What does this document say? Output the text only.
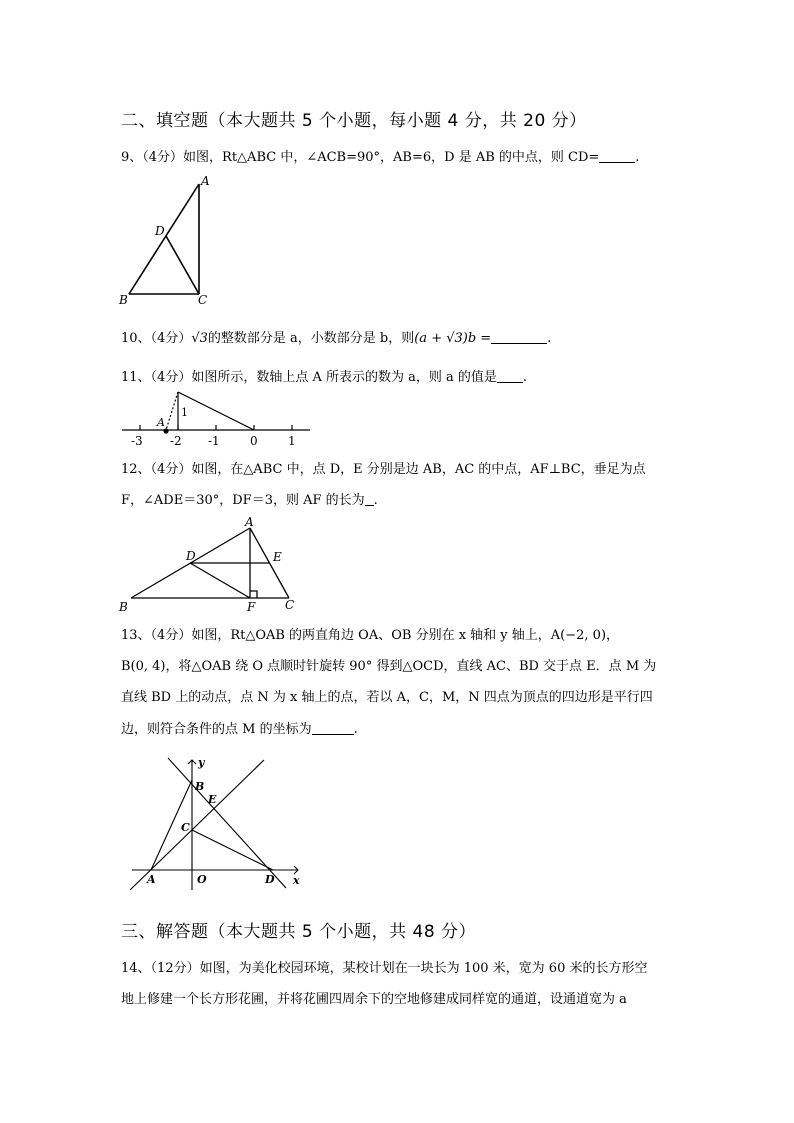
二、填空题（本大题共 5 个小题，每小题 4 分，共 20 分）
9、（4分）如图，Rt△ABC 中，∠ACB=90°，AB=6，D 是 AB 的中点，则 CD=	.
A
D
B	C
10、（4分）√3的整数部分是 a，小数部分是 b，则(a + √3)b =	.
11、（4分）如图所示，数轴上点 A 所表示的数为 a，则 a 的值是 .
A
1
-3 -2 -1	0	1
12、（4分）如图，在△ABC 中，点 D，E 分别是边 AB，AC 的中点，AF⊥BC，垂足为点
F，∠ADE＝30°，DF＝3，则 AF 的长为 .
A
D	E
B	F C
13、（4分）如图，Rt△OAB 的两直角边 OA、OB 分别在 x 轴和 y 轴上，A(−2, 0)，
B(0, 4)，将△OAB 绕 O 点顺时针旋转 90° 得到△OCD，直线 AC、BD 交于点 E．点 M 为
直线 BD 上的动点，点 N 为 x 轴上的点，若以 A，C，M，N 四点为顶点的四边形是平行四
边，则符合条件的点 M 的坐标为	.
y
x
B
E
C
A	O	D
三、解答题（本大题共 5 个小题，共 48 分）
14、（12分）如图，为美化校园环境，某校计划在一块长为 100 米，宽为 60 米的长方形空
地上修建一个长方形花圃，并将花圃四周余下的空地修建成同样宽的通道，设通道宽为 a
